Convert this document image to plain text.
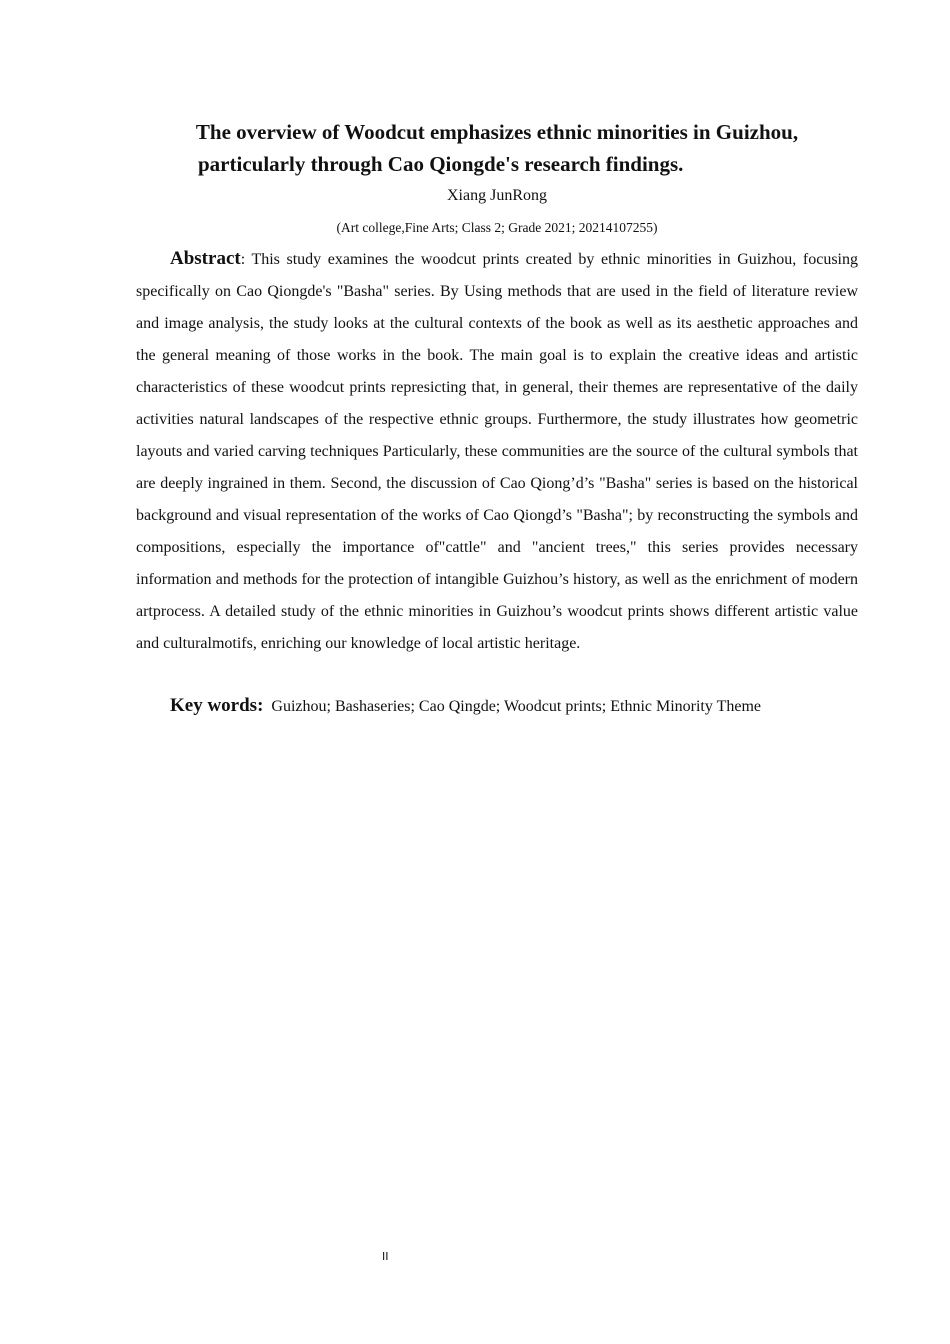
The overview of Woodcut emphasizes ethnic minorities in Guizhou,
particularly through Cao Qiongde's research findings.
Xiang JunRong
(Art college,Fine Arts; Class 2; Grade 2021; 20214107255)

Abstract: This study examines the woodcut prints created by ethnic minorities in Guizhou, focusing specifically on Cao Qiongde's "Basha" series. By Using methods that are used in the field of literature review and image analysis, the study looks at the cultural contexts of the book as well as its aesthetic approaches and the general meaning of those works in the book. The main goal is to explain the creative ideas and artistic characteristics of these woodcut prints represicting that, in general, their themes are representative of the daily activities natural landscapes of the respective ethnic groups. Furthermore, the study illustrates how geometric layouts and varied carving techniques Particularly, these communities are the source of the cultural symbols that are deeply ingrained in them. Second, the discussion of Cao Qiong’d’s "Basha" series is based on the historical background and visual representation of the works of Cao Qiongd’s "Basha"; by reconstructing the symbols and compositions, especially the importance of"cattle" and "ancient trees," this series provides necessary information and methods for the protection of intangible Guizhou’s history, as well as the enrichment of modern artprocess. A detailed study of the ethnic minorities in Guizhou’s woodcut prints shows different artistic value and culturalmotifs, enriching our knowledge of local artistic heritage.

Key words: Guizhou; Bashaseries; Cao Qingde; Woodcut prints; Ethnic Minority Theme
II
